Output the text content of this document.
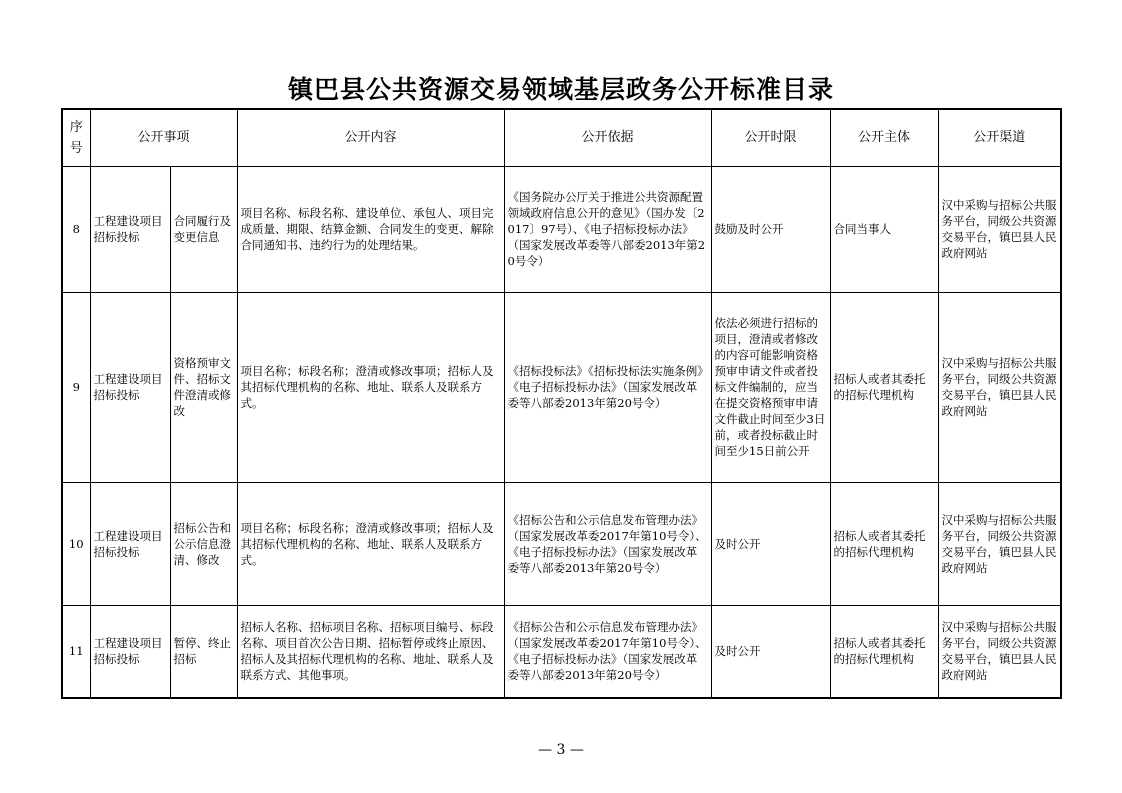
镇巴县公共资源交易领域基层政务公开标准目录
序号	公开事项		公开内容	公开依据	公开时限	公开主体	公开渠道
8	工程建设项目招标投标	合同履行及变更信息	项目名称、标段名称、建设单位、承包人、项目完成质量、期限、结算金额、合同发生的变更、解除合同通知书、违约行为的处理结果。	《国务院办公厅关于推进公共资源配置领域政府信息公开的意见》（国办发〔2017〕97号）、《电子招标投标办法》（国家发展改革委等八部委2013年第20号令）	鼓励及时公开	合同当事人	汉中采购与招标公共服务平台，同级公共资源交易平台，镇巴县人民政府网站
9	工程建设项目招标投标	资格预审文件、招标文件澄清或修改	项目名称；标段名称；澄清或修改事项；招标人及其招标代理机构的名称、地址、联系人及联系方式。	《招标投标法》《招标投标法实施条例》《电子招标投标办法》（国家发展改革委等八部委2013年第20号令）	依法必须进行招标的项目，澄清或者修改的内容可能影响资格预审申请文件或者投标文件编制的，应当在提交资格预审申请文件截止时间至少3日前，或者投标截止时间至少15日前公开	招标人或者其委托的招标代理机构	汉中采购与招标公共服务平台，同级公共资源交易平台，镇巴县人民政府网站
10	工程建设项目招标投标	招标公告和公示信息澄清、修改	项目名称；标段名称；澄清或修改事项；招标人及其招标代理机构的名称、地址、联系人及联系方式。	《招标公告和公示信息发布管理办法》（国家发展改革委2017年第10号令）、《电子招标投标办法》（国家发展改革委等八部委2013年第20号令）	及时公开	招标人或者其委托的招标代理机构	汉中采购与招标公共服务平台，同级公共资源交易平台，镇巴县人民政府网站
11	工程建设项目招标投标	暂停、终止招标	招标人名称、招标项目名称、招标项目编号、标段名称、项目首次公告日期、招标暂停或终止原因、招标人及其招标代理机构的名称、地址、联系人及联系方式、其他事项。	《招标公告和公示信息发布管理办法》（国家发展改革委2017年第10号令）、《电子招标投标办法》（国家发展改革委等八部委2013年第20号令）	及时公开	招标人或者其委托的招标代理机构	汉中采购与招标公共服务平台，同级公共资源交易平台，镇巴县人民政府网站
— 3 —
